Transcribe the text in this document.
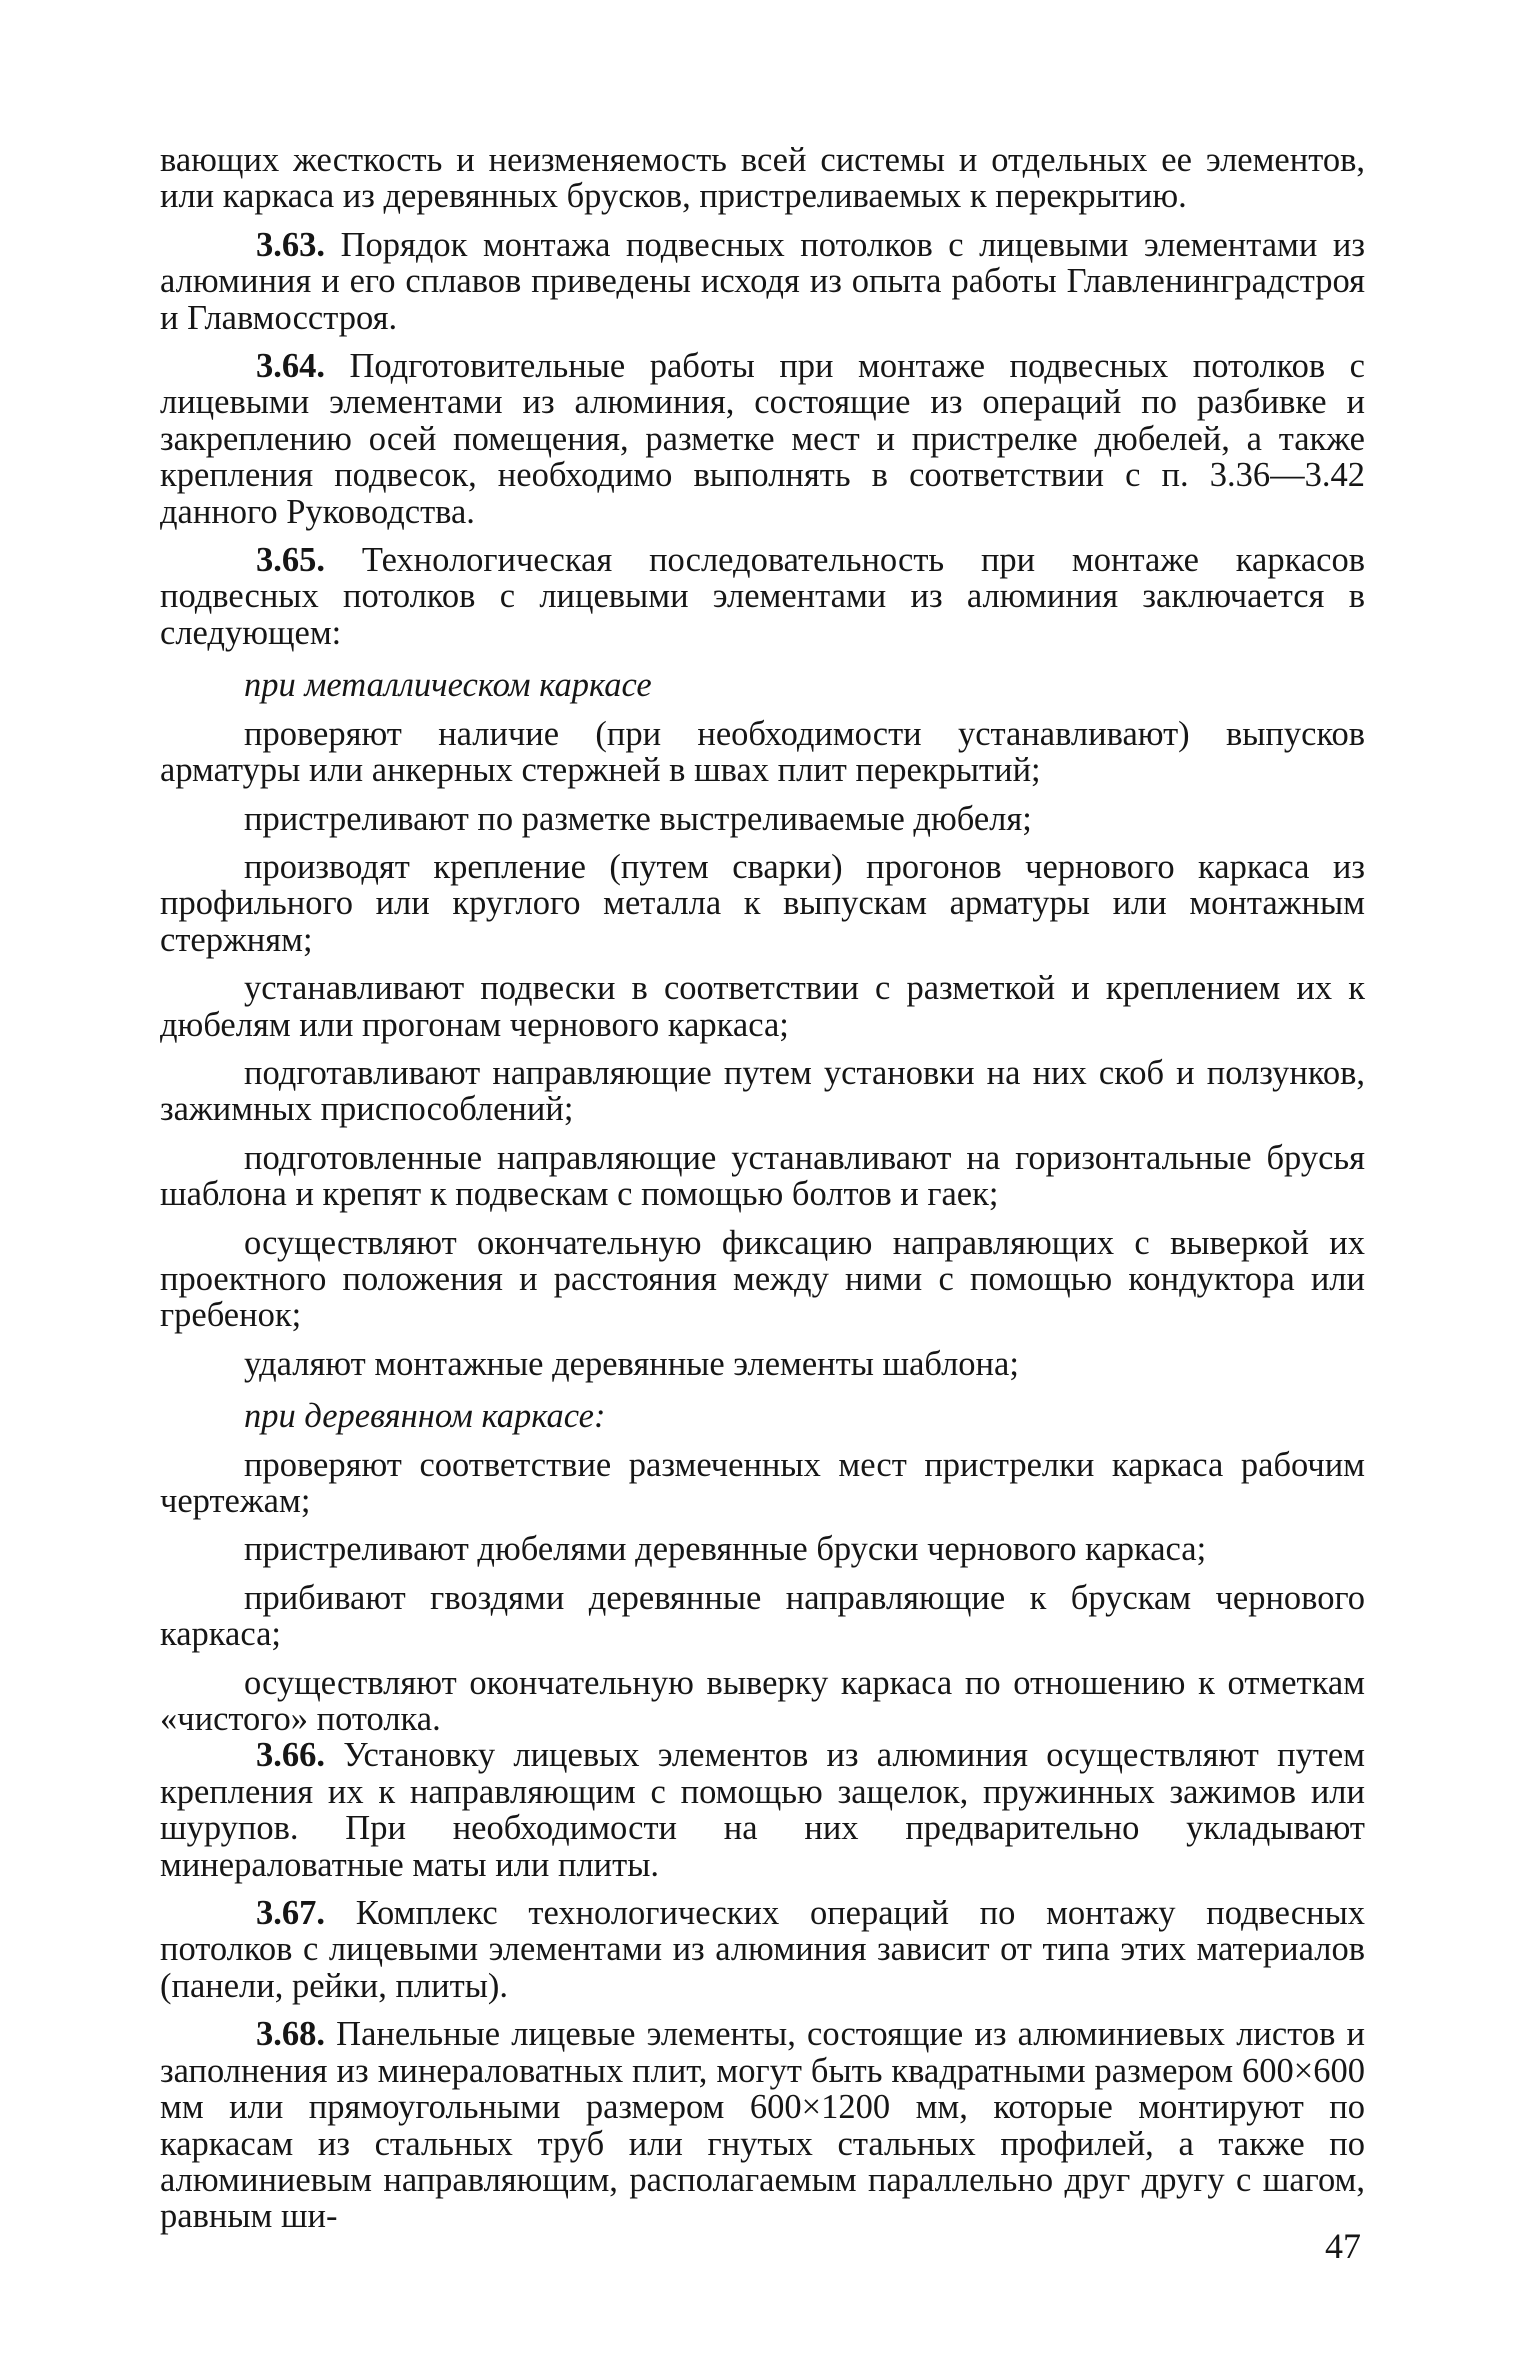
вающих жесткость и неизменяемость всей системы и отдельных ее элементов, или каркаса из деревянных брусков, пристреливаемых к перекрытию.

3.63. Порядок монтажа подвесных потолков с лицевыми элементами из алюминия и его сплавов приведены исходя из опыта работы Главленинградстроя и Главмосстроя.

3.64. Подготовительные работы при монтаже подвесных потолков с лицевыми элементами из алюминия, состоящие из операций по разбивке и закреплению осей помещения, разметке мест и пристрелке дюбелей, а также крепления подвесок, необходимо выполнять в соответствии с п. 3.36—3.42 данного Руководства.

3.65. Технологическая последовательность при монтаже каркасов подвесных потолков с лицевыми элементами из алюминия заключается в следующем:

при металлическом каркасе

проверяют наличие (при необходимости устанавливают) выпусков арматуры или анкерных стержней в швах плит перекрытий;

пристреливают по разметке выстреливаемые дюбеля;

производят крепление (путем сварки) прогонов чернового каркаса из профильного или круглого металла к выпускам арматуры или монтажным стержням;

устанавливают подвески в соответствии с разметкой и креплением их к дюбелям или прогонам чернового каркаса;

подготавливают направляющие путем установки на них скоб и ползунков, зажимных приспособлений;

подготовленные направляющие устанавливают на горизонтальные брусья шаблона и крепят к подвескам с помощью болтов и гаек;

осуществляют окончательную фиксацию направляющих с выверкой их проектного положения и расстояния между ними с помощью кондуктора или гребенок;

удаляют монтажные деревянные элементы шаблона;

при деревянном каркасе:

проверяют соответствие размеченных мест пристрелки каркаса рабочим чертежам;

пристреливают дюбелями деревянные бруски чернового каркаса;

прибивают гвоздями деревянные направляющие к брускам чернового каркаса;

осуществляют окончательную выверку каркаса по отношению к отметкам «чистого» потолка.

3.66. Установку лицевых элементов из алюминия осуществляют путем крепления их к направляющим с помощью защелок, пружинных зажимов или шурупов. При необходимости на них предварительно укладывают минераловатные маты или плиты.

3.67. Комплекс технологических операций по монтажу подвесных потолков с лицевыми элементами из алюминия зависит от типа этих материалов (панели, рейки, плиты).

3.68. Панельные лицевые элементы, состоящие из алюминиевых листов и заполнения из минераловатных плит, могут быть квадратными размером 600×600 мм или прямоугольными размером 600×1200 мм, которые монтируют по каркасам из стальных труб или гнутых стальных профилей, а также по алюминиевым направляющим, располагаемым параллельно друг другу с шагом, равным ши-

47
